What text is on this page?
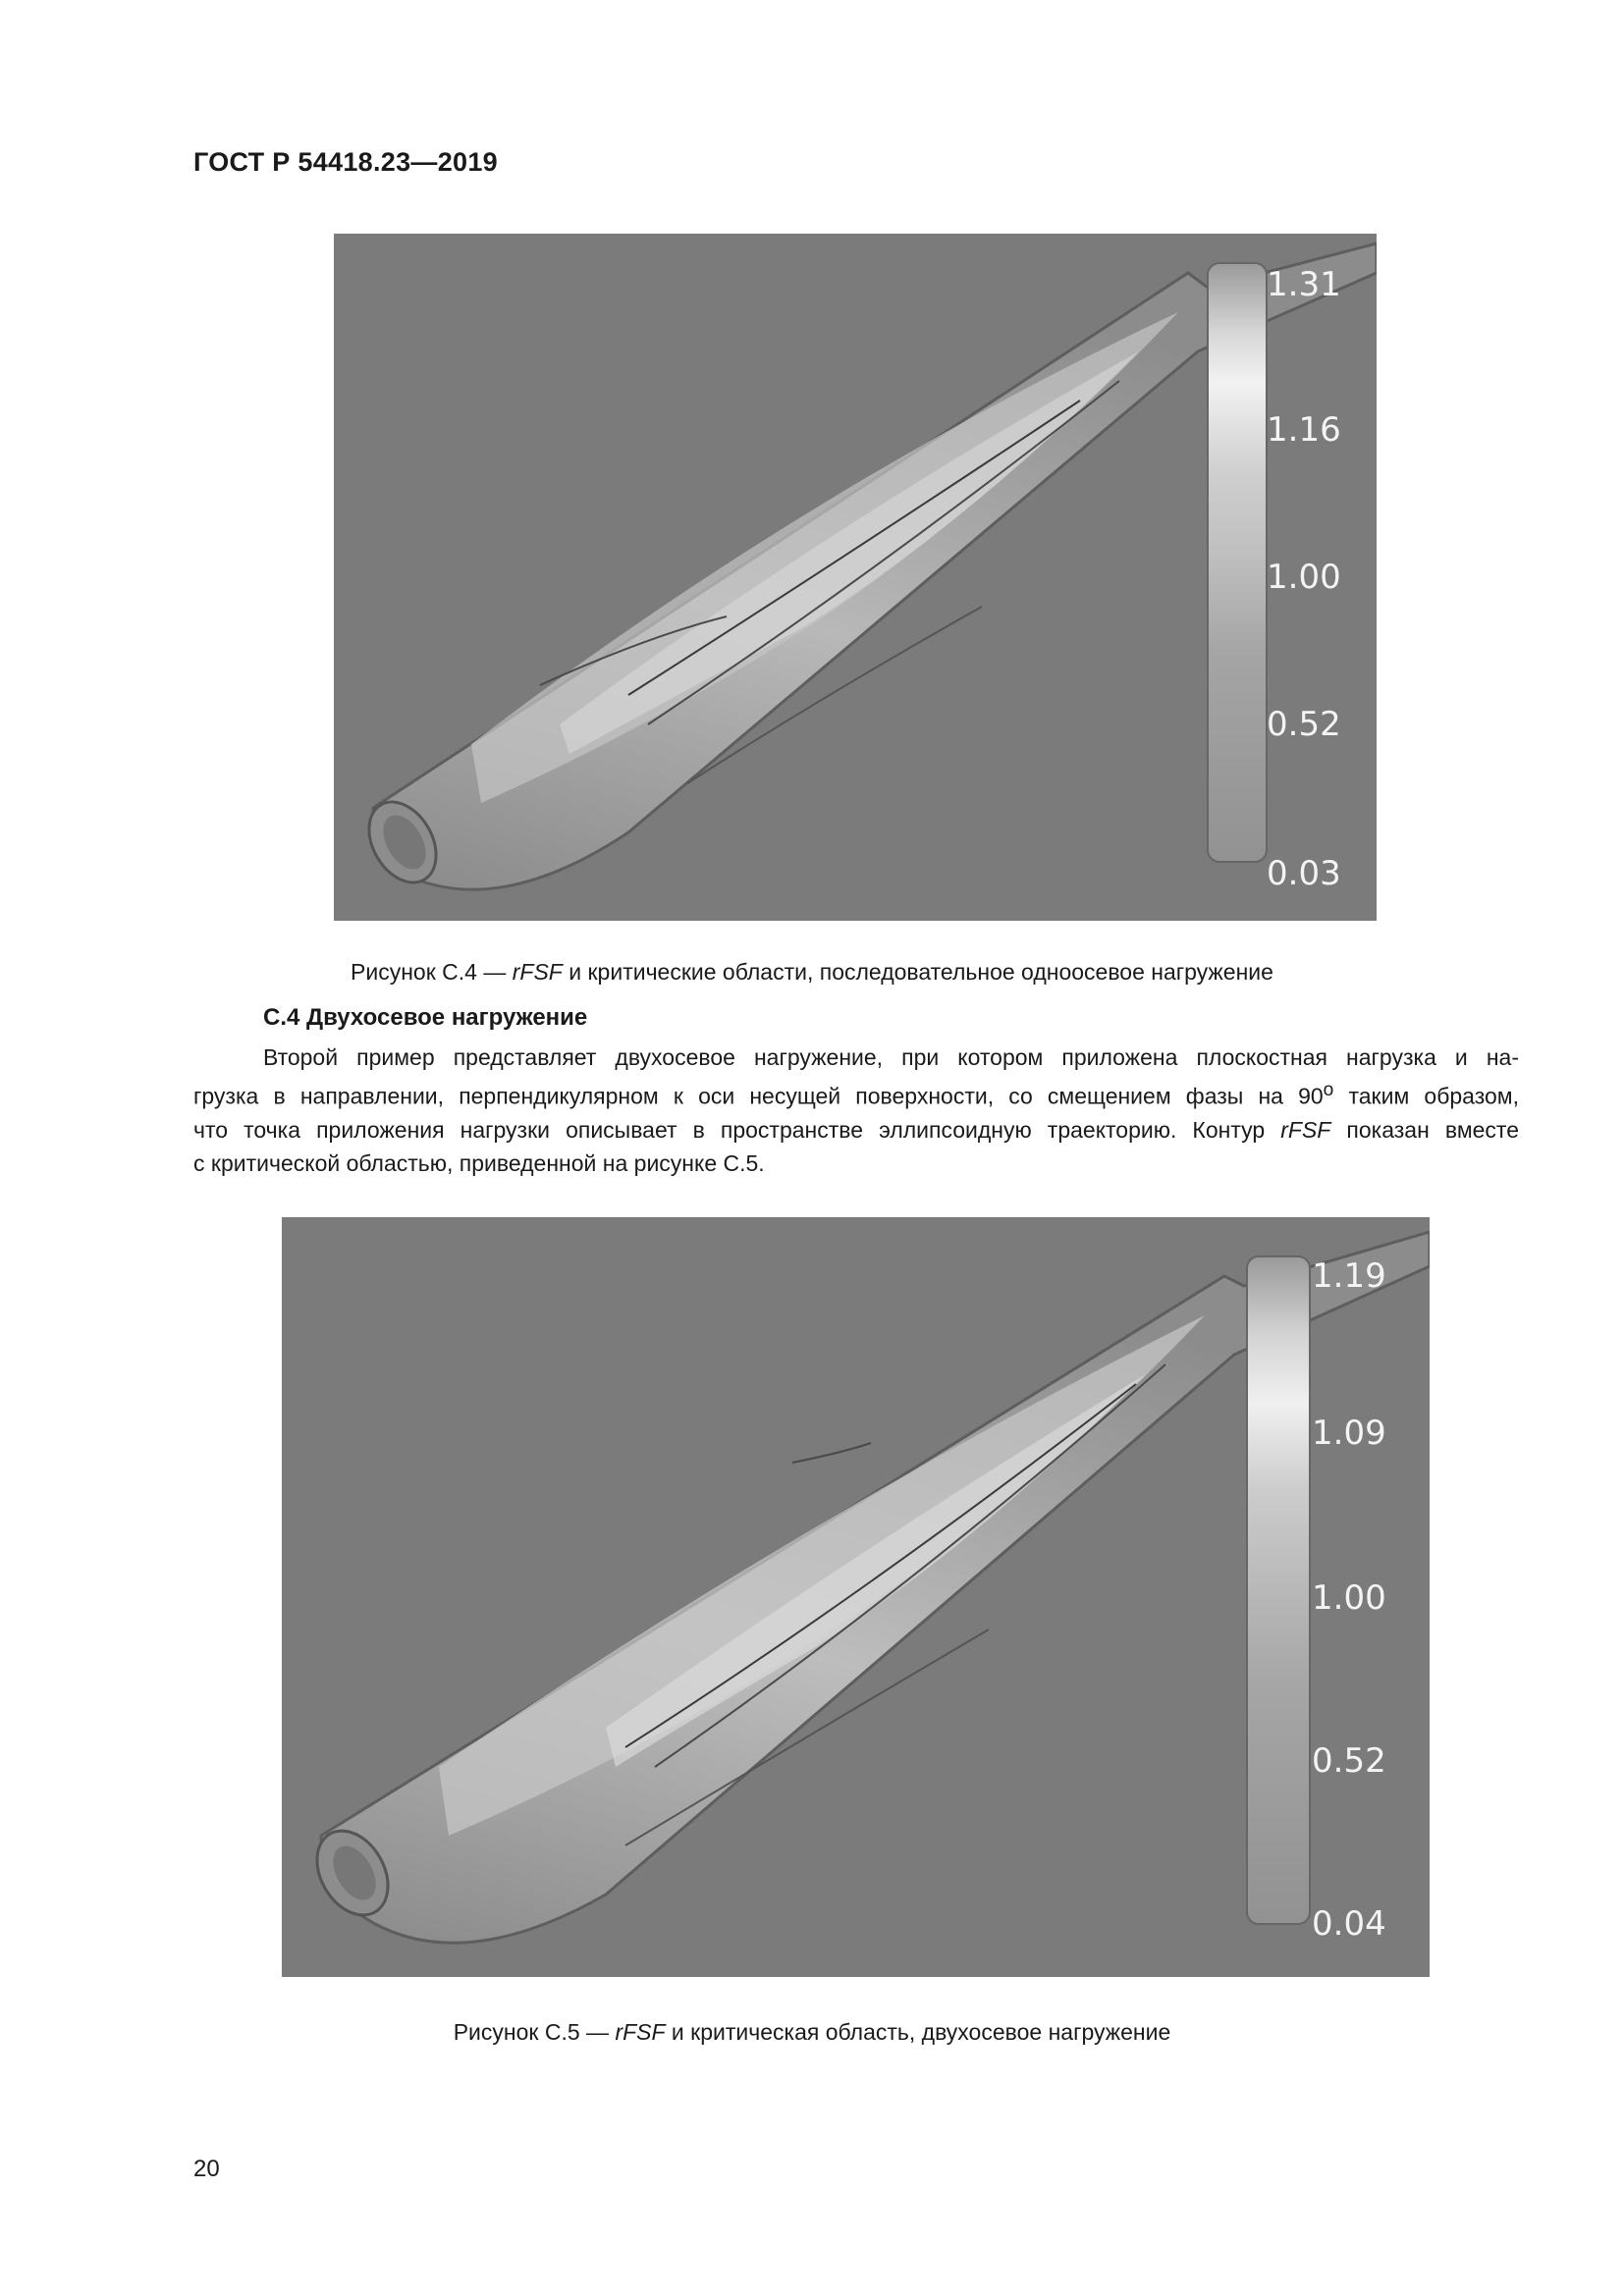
ГОСТ Р 54418.23—2019
1.31
1.16
1.00
0.52
0.03
Рисунок С.4 — rFSF и критические области, последовательное одноосевое нагружение
С.4 Двухосевое нагружение
Второй пример представляет двухосевое нагружение, при котором приложена плоскостная нагрузка и на-
грузка в направлении, перпендикулярном к оси несущей поверхности, со смещением фазы на $90^о$ таким образом,
что точка приложения нагрузки описывает в пространстве эллипсоидную траекторию. Контур rFSF показан вместе
с критической областью, приведенной на рисунке С.5.
1.19
1.09
1.00
0.52
0.04
Рисунок С.5 — rFSF и критическая область, двухосевое нагружение
20
